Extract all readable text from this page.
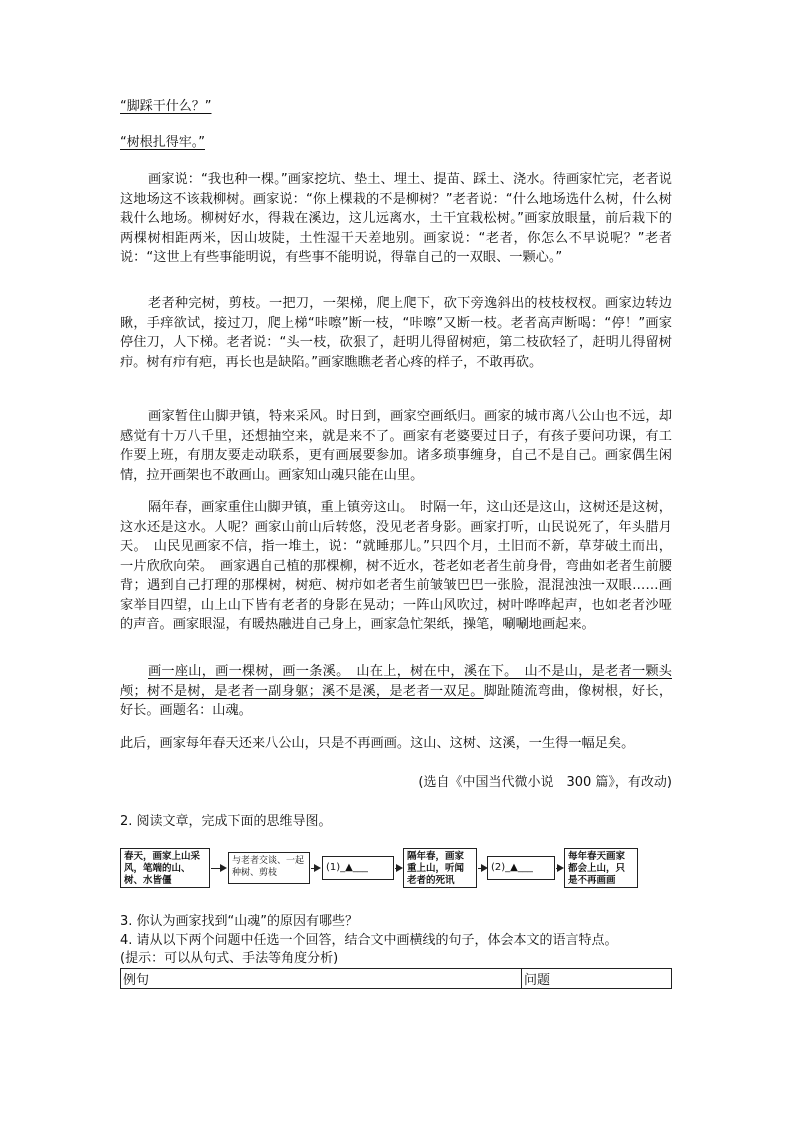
“脚踩干什么？”
“树根扎得牢。”

画家说：“我也种一棵。”画家挖坑、垫土、埋土、提苗、踩土、浇水。待画家忙完，老者说这地场这不该栽柳树。画家说：“你上棵栽的不是柳树？”老者说：“什么地场选什么树，什么树栽什么地场。柳树好水，得栽在溪边，这儿远离水，土干宜栽松树。”画家放眼量，前后栽下的两棵树相距两米，因山坡陡，土性湿干天差地别。画家说：“老者，你怎么不早说呢？”老者说：“这世上有些事能明说，有些事不能明说，得靠自己的一双眼、一颗心。”

老者种完树，剪枝。一把刀，一架梯，爬上爬下，砍下旁逸斜出的枝枝杈杈。画家边转边瞅，手痒欲试，接过刀，爬上梯“咔嚓”断一枝，“咔嚓”又断一枝。老者高声断喝：“停！”画家停住刀，人下梯。老者说：“头一枝，砍狠了，赶明儿得留树疤，第二枝砍轻了，赶明儿得留树疖。树有疖有疤，再长也是缺陷。”画家瞧瞧老者心疼的样子，不敢再砍。

画家暂住山脚尹镇，特来采风。时日到，画家空画纸归。画家的城市离八公山也不远，却感觉有十万八千里，还想抽空来，就是来不了。画家有老婆要过日子，有孩子要问功课，有工作要上班，有朋友要走动联系，更有画展要参加。诸多琐事缠身，自己不是自己。画家偶生闲情，拉开画架也不敢画山。画家知山魂只能在山里。

隔年春，画家重住山脚尹镇，重上镇旁这山。　时隔一年，这山还是这山，这树还是这树，这水还是这水。人呢？画家山前山后转悠，没见老者身影。画家打听，山民说死了，年头腊月天。　山民见画家不信，指一堆土，说：“就睡那儿。”只四个月，土旧而不新，草芽破土而出，一片欣欣向荣。　画家遇自己植的那棵柳，树不近水，苍老如老者生前身骨，弯曲如老者生前腰背；遇到自己打理的那棵树，树疤、树疖如老者生前皱皱巴巴一张脸，混混浊浊一双眼……画家举目四望，山上山下皆有老者的身影在晃动；一阵山风吹过，树叶哗哗起声，也如老者沙哑的声音。画家眼湿，有暖热融进自己身上，画家急忙架纸，操笔，唰唰地画起来。

画一座山，画一棵树，画一条溪。　山在上，树在中，溪在下。　山不是山，是老者一颗头颅；树不是树，是老者一副身躯；溪不是溪，是老者一双足。脚趾随流弯曲，像树根，好长，好长。画题名：山魂。

此后，画家每年春天还来八公山，只是不再画画。这山、这树、这溪，一生得一幅足矣。

(选自《中国当代微小说　300 篇》，有改动)
2. 阅读文章，完成下面的思维导图。
春天，画家上山采风，笔端的山、树、水皆僵
与老者交谈、一起种树、剪枝	(1)_▲___
隔年春，画家重上山，听闻老者的死讯
(2)_▲___
每年春天画家都会上山，只是不再画画
3. 你认为画家找到“山魂”的原因有哪些？
4. 请从以下两个问题中任选一个回答，结合文中画横线的句子，体会本文的语言特点。
(提示：可以从句式、手法等角度分析)
例句	问题
